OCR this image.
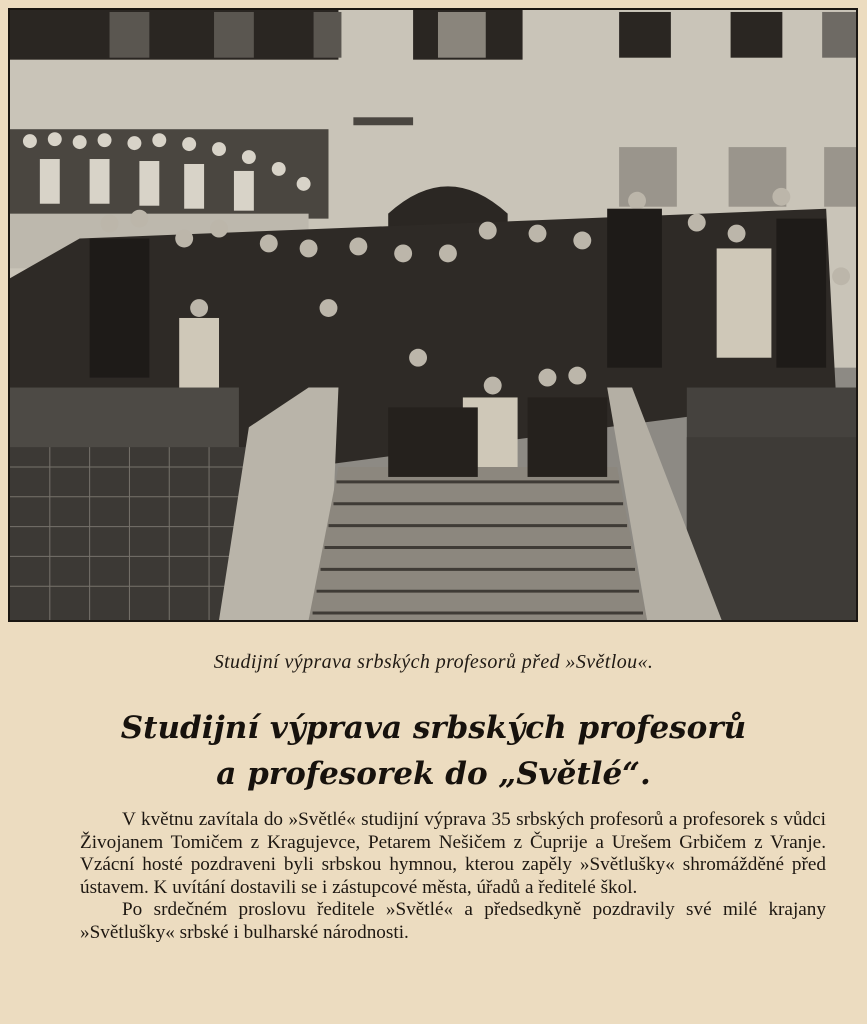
Studijní výprava srbských profesorů před »Světlou«.
Studijní výprava srbských profesorů
a profesorek do „Světlé“.

V květnu zavítala do »Světlé« studijní výprava 35 srbských profesorů a profesorek s vůdci Živojanem Tomičem z Kragujevce, Petarem Nešičem z Čuprije a Urešem Grbičem z Vranje. Vzácní hosté pozdraveni byli srbskou hymnou, kterou zapěly »Světlušky« shromážděné před ústavem. K uvítání dostavili se i zástupcové města, úřadů a ředitelé škol.

Po srdečném proslovu ředitele »Světlé« a předsedkyně pozdravily své milé krajany »Světlušky« srbské i bulharské národnosti.
